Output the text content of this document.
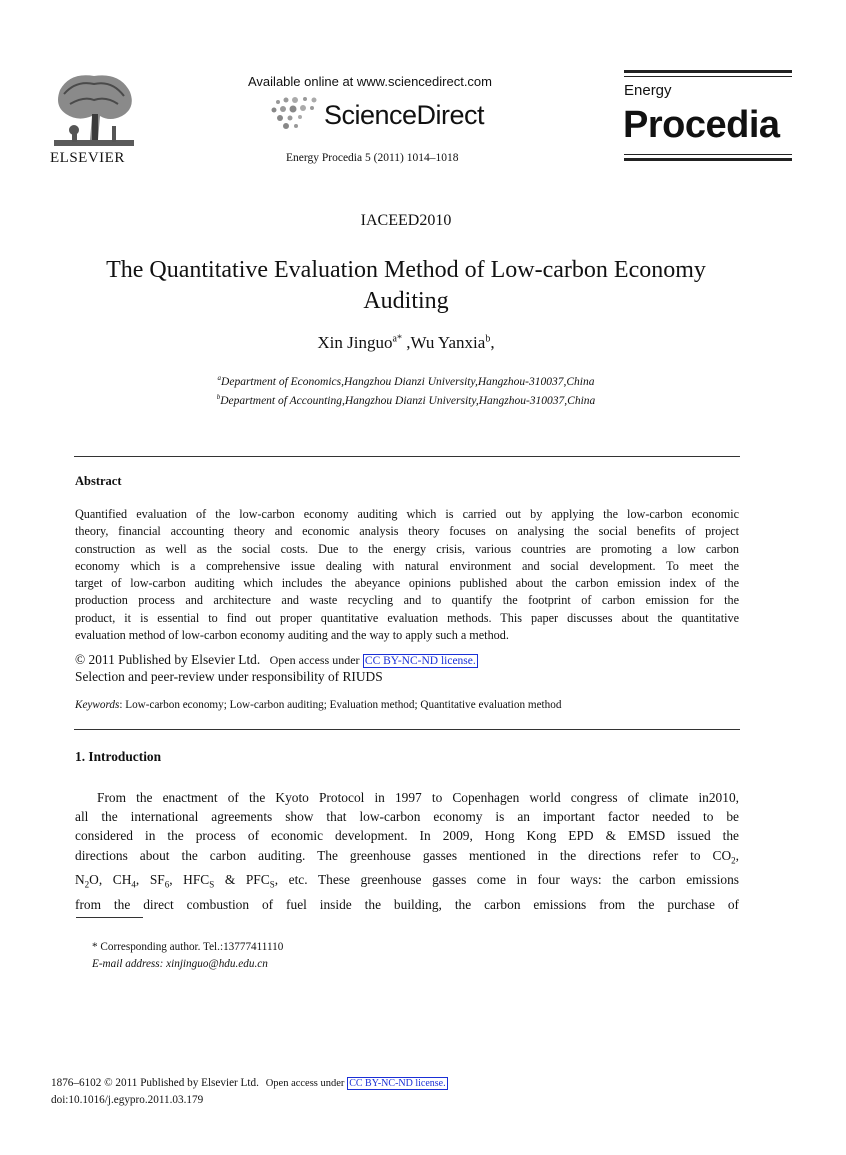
ELSEVIER
Available online at www.sciencedirect.com
ScienceDirect
Energy Procedia 5 (2011) 1014–1018
Energy
Procedia
IACEED2010
The Quantitative Evaluation Method of Low-carbon Economy
Auditing
Xin Jinguo$^{a*}$ ,Wu Yanxia$^b$,
$^a$Department of Economics,Hangzhou Dianzi University,Hangzhou-310037,China
$^b$Department of Accounting,Hangzhou Dianzi University,Hangzhou-310037,China
Abstract
Quantified evaluation of the low-carbon economy auditing which is carried out by applying the low-carbon economic
theory, financial accounting theory and economic analysis theory focuses on analysing the social benefits of project
construction as well as the social costs. Due to the energy crisis, various countries are promoting a low carbon
economy which is a comprehensive issue dealing with natural environment and social development. To meet the
target of low-carbon auditing which includes the abeyance opinions published about the carbon emission index of the
production process and architecture and waste recycling and to quantify the footprint of carbon emission for the
product, it is essential to find out proper quantitative evaluation methods. This paper discusses about the quantitative
evaluation method of low-carbon economy auditing and the way to apply such a method.
© 2011 Published by Elsevier Ltd. Open access under CC BY-NC-ND license.
Selection and peer-review under responsibility of RIUDS
Keywords: Low-carbon economy; Low-carbon auditing; Evaluation method; Quantitative evaluation method
1. Introduction
From the enactment of the Kyoto Protocol in 1997 to Copenhagen world congress of climate in2010,
all the international agreements show that low-carbon economy is an important factor needed to be
considered in the process of economic development. In 2009, Hong Kong EPD & EMSD issued the
directions about the carbon auditing. The greenhouse gasses mentioned in the directions refer to $CO_2$,
$N_2O$, $CH_4$, $SF_6$, $HFC_S$ & $PFC_S$, etc. These greenhouse gasses come in four ways: the carbon emissions
from the direct combustion of fuel inside the building, the carbon emissions from the purchase of
* Corresponding author. Tel.:13777411110
E-mail address: xinjinguo@hdu.edu.cn
1876–6102 © 2011 Published by Elsevier Ltd. Open access under CC BY-NC-ND license.
doi:10.1016/j.egypro.2011.03.179
